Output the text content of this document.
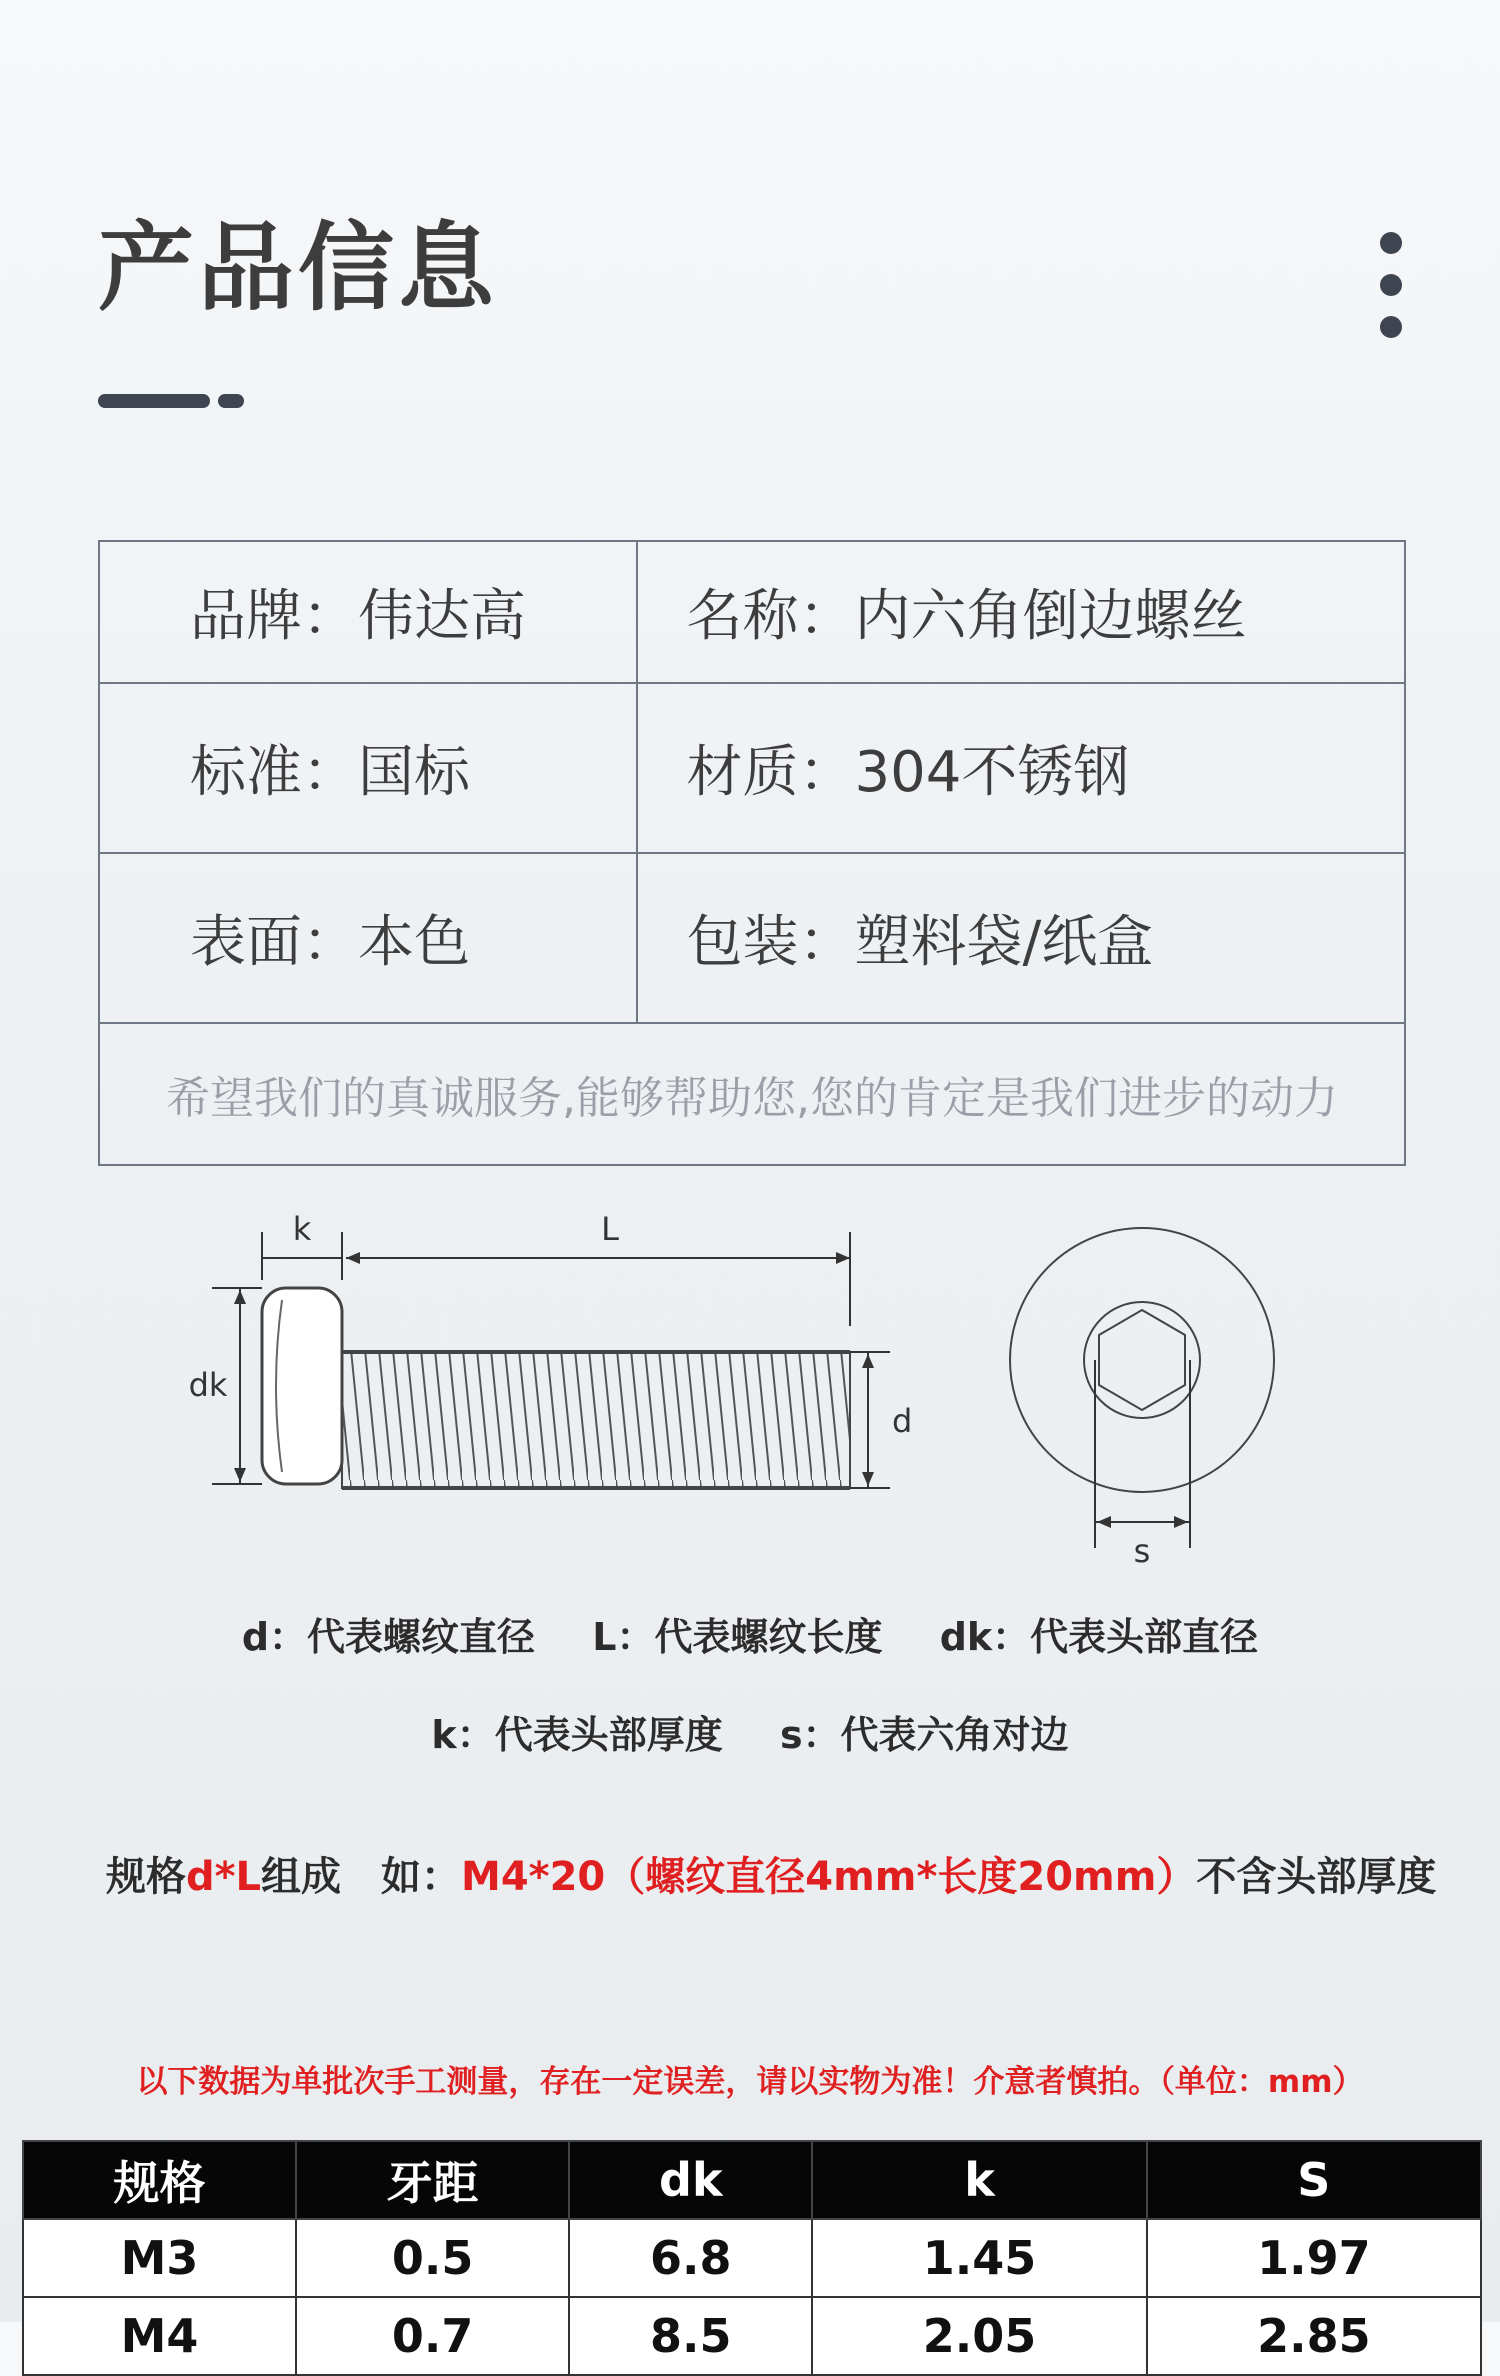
产品信息
品牌：伟达高	名称：内六角倒边螺丝
标准：国标	材质：304不锈钢
表面：本色	包装：塑料袋/纸盒
希望我们的真诚服务,能够帮助您,您的肯定是我们进步的动力	
k	L
dk
d
s
d：代表螺纹直径 L：代表螺纹长度 dk：代表头部直径
k：代表头部厚度 s：代表六角对边
规格d*L组成　如：M4*20（螺纹直径4mm*长度20mm）不含头部厚度
以下数据为单批次手工测量，存在一定误差，请以实物为准！介意者慎拍。（单位：mm）
规格	牙距	dk	k	S
M3	0.5	6.8	1.45	1.97
M4	0.7	8.5	2.05	2.85
